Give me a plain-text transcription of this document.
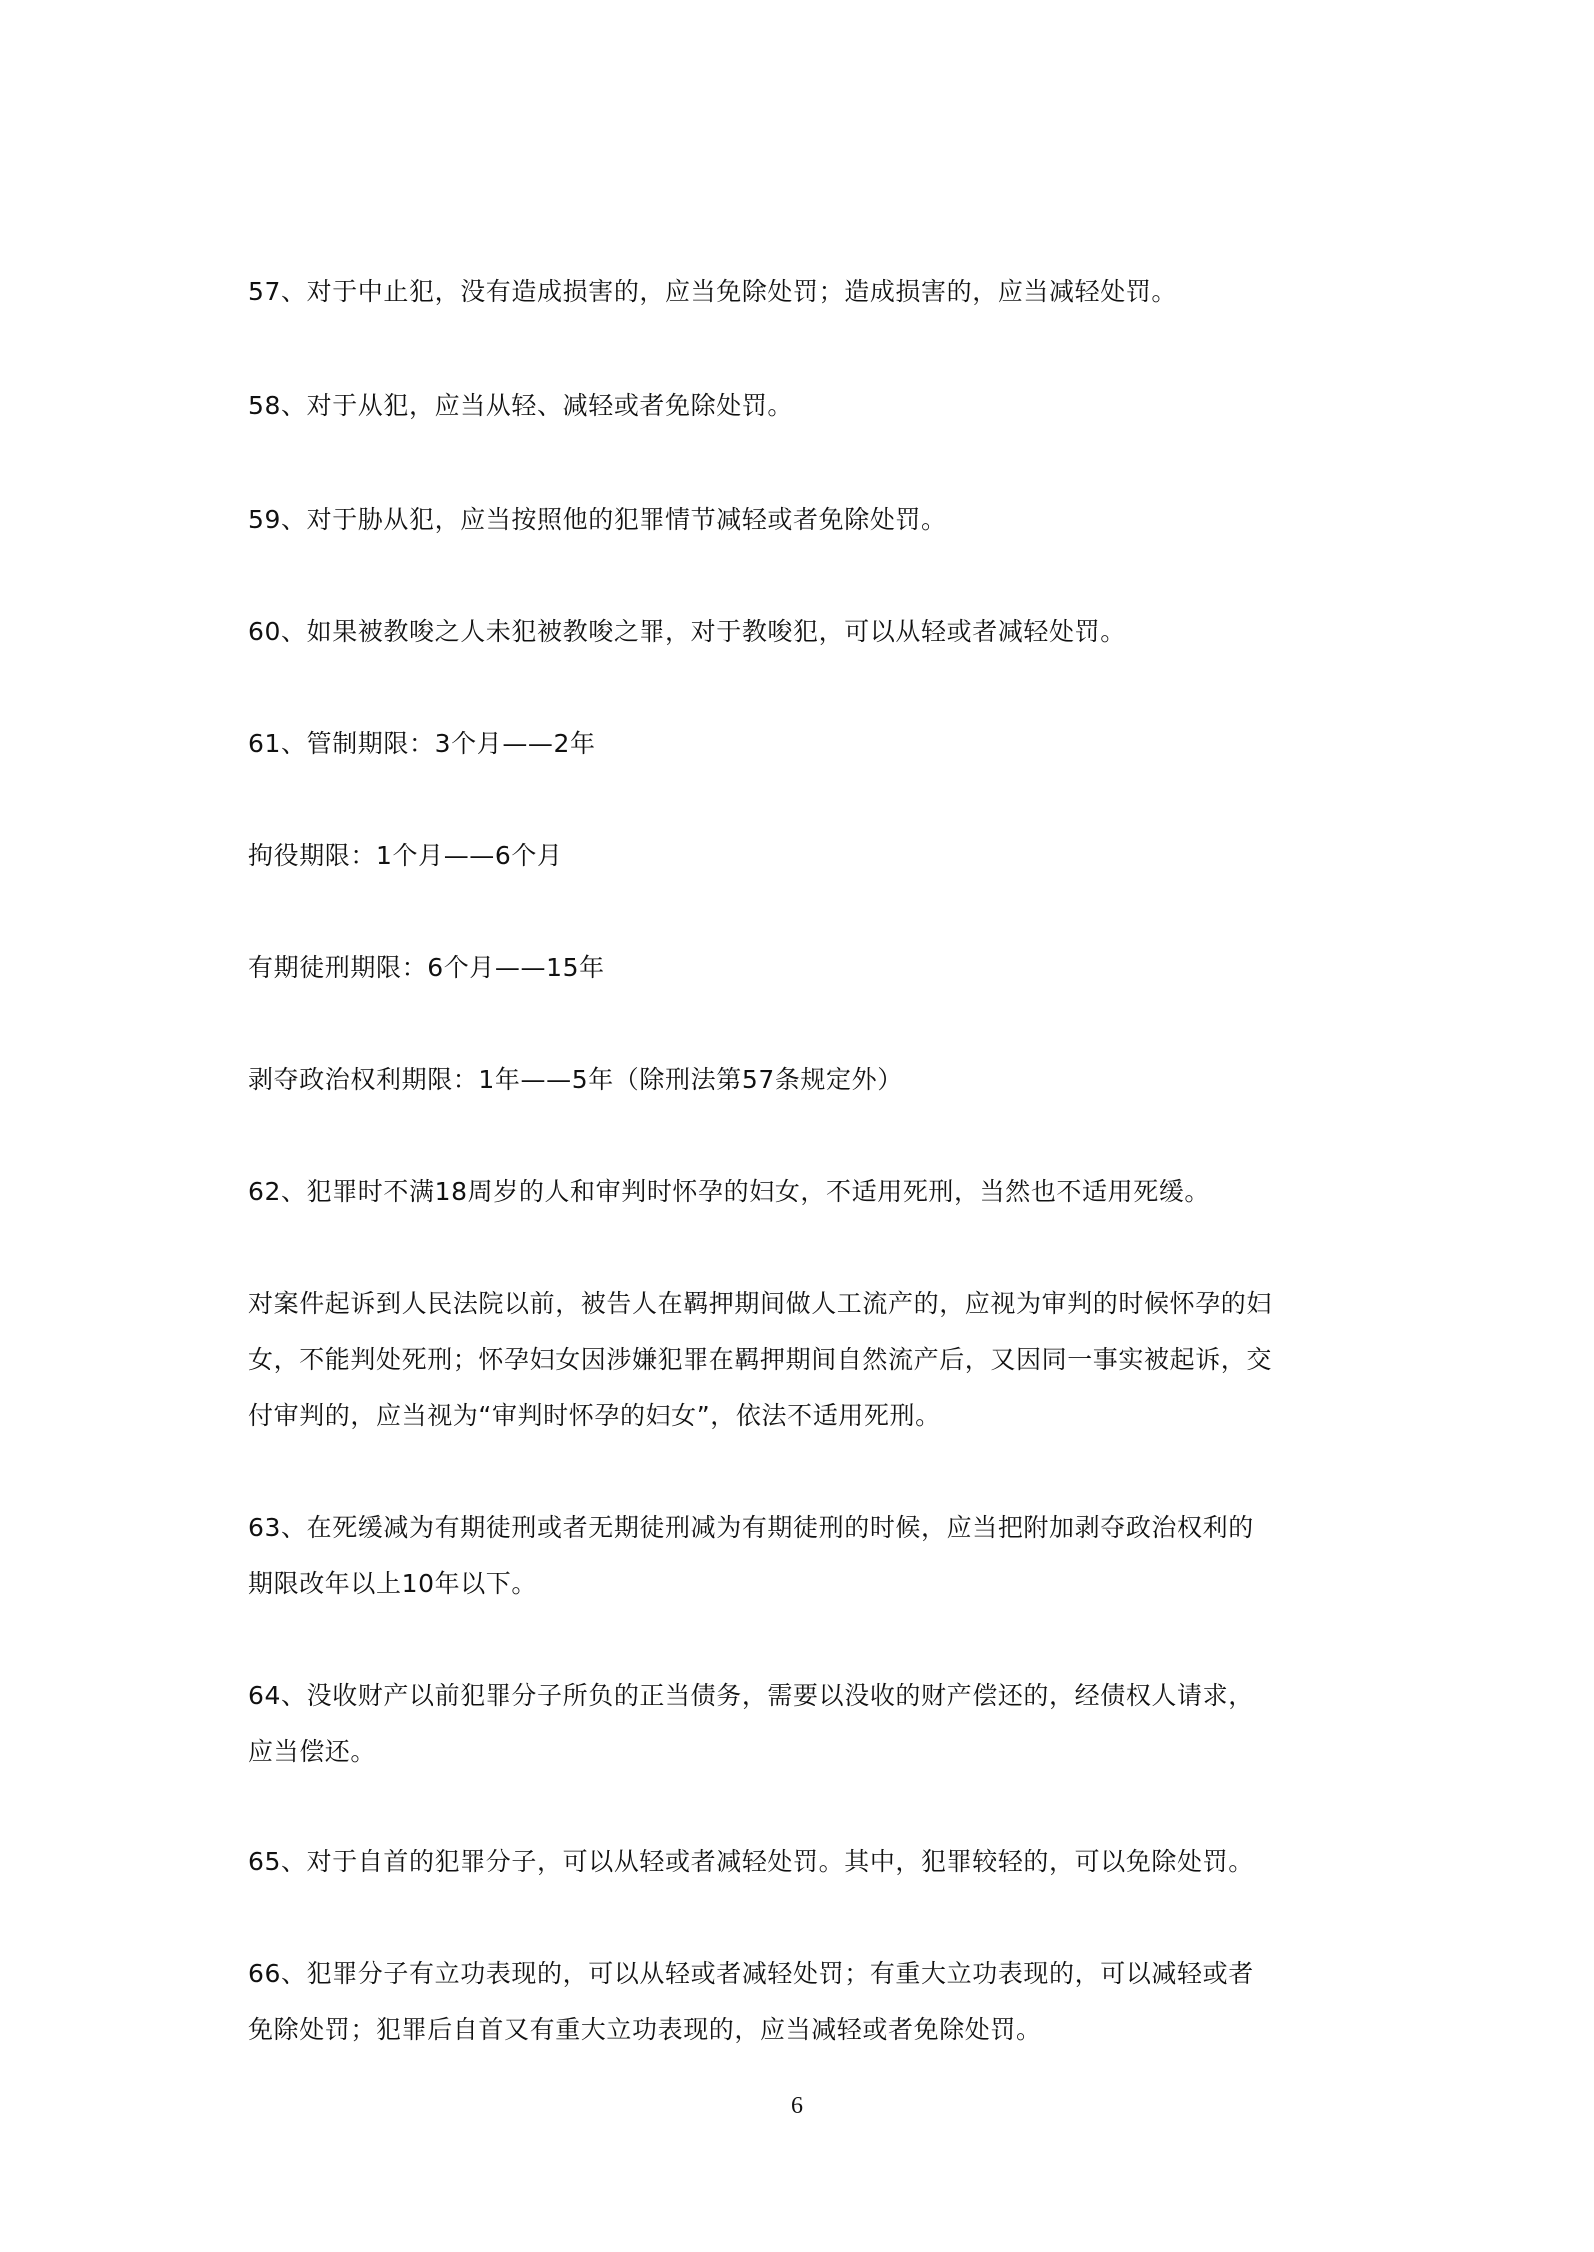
57、对于中止犯，没有造成损害的，应当免除处罚；造成损害的，应当减轻处罚。
58、对于从犯，应当从轻、减轻或者免除处罚。
59、对于胁从犯，应当按照他的犯罪情节减轻或者免除处罚。
60、如果被教唆之人未犯被教唆之罪，对于教唆犯，可以从轻或者减轻处罚。
61、管制期限：3个月——2年
拘役期限：1个月——6个月
有期徒刑期限：6个月——15年
剥夺政治权利期限：1年——5年（除刑法第57条规定外）
62、犯罪时不满18周岁的人和审判时怀孕的妇女，不适用死刑，当然也不适用死缓。
对案件起诉到人民法院以前，被告人在羁押期间做人工流产的，应视为审判的时候怀孕的妇
女，不能判处死刑；怀孕妇女因涉嫌犯罪在羁押期间自然流产后，又因同一事实被起诉，交
付审判的，应当视为“审判时怀孕的妇女”，依法不适用死刑。
63、在死缓减为有期徒刑或者无期徒刑减为有期徒刑的时候，应当把附加剥夺政治权利的
期限改年以上10年以下。
64、没收财产以前犯罪分子所负的正当债务，需要以没收的财产偿还的，经债权人请求，
应当偿还。
65、对于自首的犯罪分子，可以从轻或者减轻处罚。其中，犯罪较轻的，可以免除处罚。
66、犯罪分子有立功表现的，可以从轻或者减轻处罚；有重大立功表现的，可以减轻或者
免除处罚；犯罪后自首又有重大立功表现的，应当减轻或者免除处罚。
6
